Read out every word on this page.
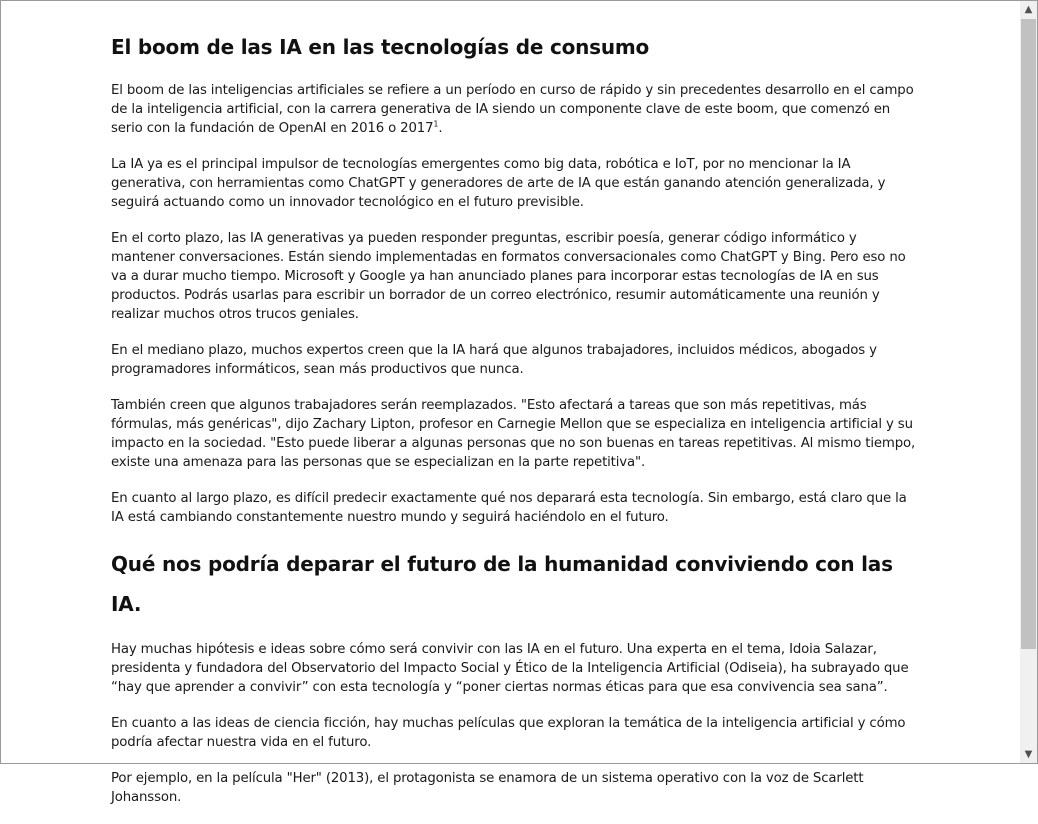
El boom de las IA en las tecnologías de consumo

El boom de las inteligencias artificiales se refiere a un período en curso de rápido y sin precedentes desarrollo en el campo de la inteligencia artificial, con la carrera generativa de IA siendo un componente clave de este boom, que comenzó en serio con la fundación de OpenAI en 2016 o 2017$^1$.

La IA ya es el principal impulsor de tecnologías emergentes como big data, robótica e IoT, por no mencionar la IA generativa, con herramientas como ChatGPT y generadores de arte de IA que están ganando atención generalizada, y seguirá actuando como un innovador tecnológico en el futuro previsible.

En el corto plazo, las IA generativas ya pueden responder preguntas, escribir poesía, generar código informático y mantener conversaciones. Están siendo implementadas en formatos conversacionales como ChatGPT y Bing. Pero eso no va a durar mucho tiempo. Microsoft y Google ya han anunciado planes para incorporar estas tecnologías de IA en sus productos. Podrás usarlas para escribir un borrador de un correo electrónico, resumir automáticamente una reunión y realizar muchos otros trucos geniales.

En el mediano plazo, muchos expertos creen que la IA hará que algunos trabajadores, incluidos médicos, abogados y programadores informáticos, sean más productivos que nunca.

También creen que algunos trabajadores serán reemplazados. "Esto afectará a tareas que son más repetitivas, más fórmulas, más genéricas", dijo Zachary Lipton, profesor en Carnegie Mellon que se especializa en inteligencia artificial y su impacto en la sociedad. "Esto puede liberar a algunas personas que no son buenas en tareas repetitivas. Al mismo tiempo, existe una amenaza para las personas que se especializan en la parte repetitiva".

En cuanto al largo plazo, es difícil predecir exactamente qué nos deparará esta tecnología. Sin embargo, está claro que la IA está cambiando constantemente nuestro mundo y seguirá haciéndolo en el futuro.

Qué nos podría deparar el futuro de la humanidad conviviendo con las IA.

Hay muchas hipótesis e ideas sobre cómo será convivir con las IA en el futuro. Una experta en el tema, Idoia Salazar, presidenta y fundadora del Observatorio del Impacto Social y Ético de la Inteligencia Artificial (Odiseia), ha subrayado que “hay que aprender a convivir” con esta tecnología y “poner ciertas normas éticas para que esa convivencia sea sana”.

En cuanto a las ideas de ciencia ficción, hay muchas películas que exploran la temática de la inteligencia artificial y cómo podría afectar nuestra vida en el futuro.

Por ejemplo, en la película "Her" (2013), el protagonista se enamora de un sistema operativo con la voz de Scarlett Johansson.

▲
▼
